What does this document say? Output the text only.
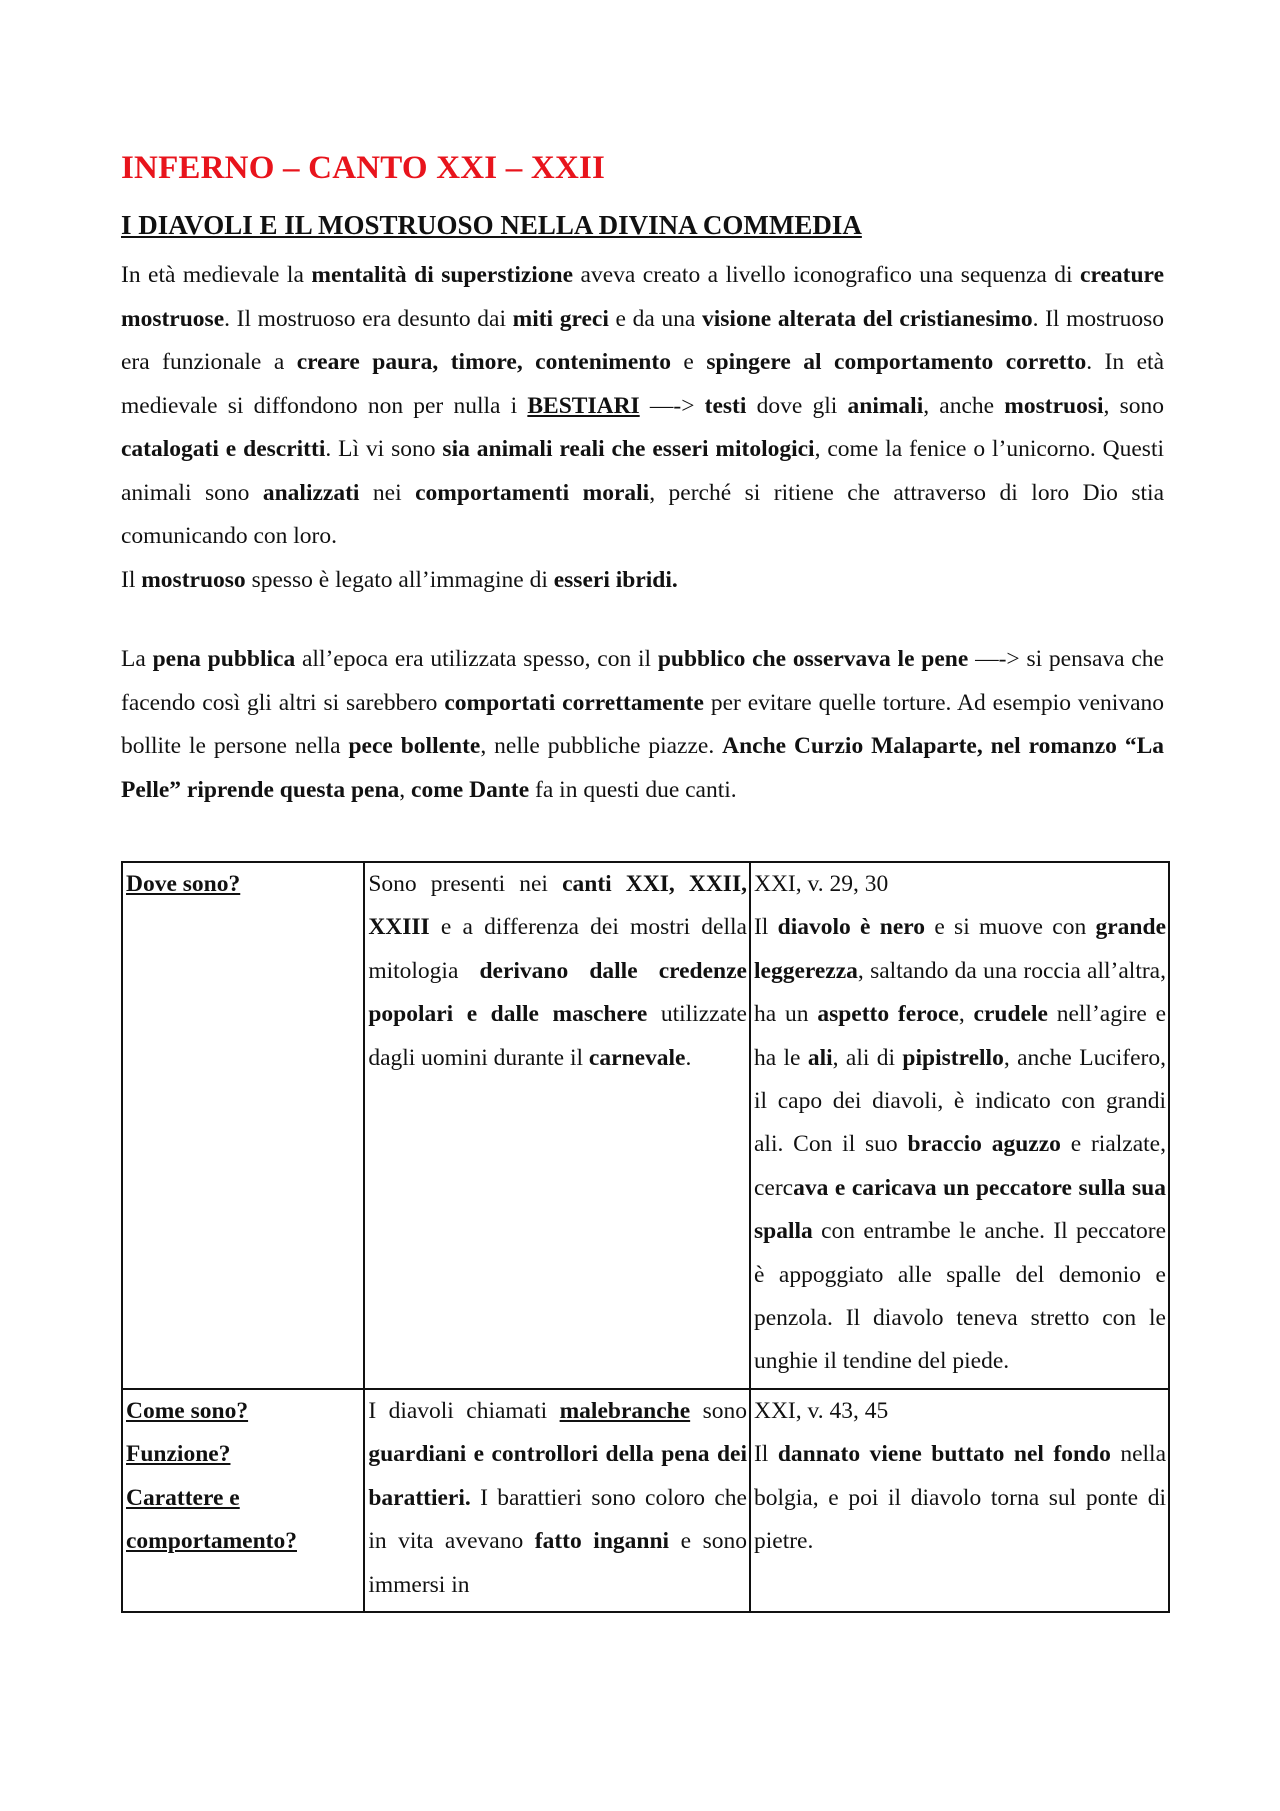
INFERNO – CANTO XXI – XXII
I DIAVOLI E IL MOSTRUOSO NELLA DIVINA COMMEDIA

In età medievale la mentalità di superstizione aveva creato a livello iconografico una sequenza di creature mostruose. Il mostruoso era desunto dai miti greci e da una visione alterata del cristianesimo. Il mostruoso era funzionale a creare paura, timore, contenimento e spingere al comportamento corretto. In età medievale si diffondono non per nulla i BESTIARI —-> testi dove gli animali, anche mostruosi, sono catalogati e descritti. Lì vi sono sia animali reali che esseri mitologici, come la fenice o l’unicorno. Questi animali sono analizzati nei comportamenti morali, perché si ritiene che attraverso di loro Dio stia comunicando con loro.

Il mostruoso spesso è legato all’immagine di esseri ibridi.

La pena pubblica all’epoca era utilizzata spesso, con il pubblico che osservava le pene —-> si pensava che facendo così gli altri si sarebbero comportati correttamente per evitare quelle torture. Ad esempio venivano bollite le persone nella pece bollente, nelle pubbliche piazze. Anche Curzio Malaparte, nel romanzo “La Pelle” riprende questa pena, come Dante fa in questi due canti.

Dove sono?	Sono presenti nei canti XXI, XXII, XXIII e a differenza dei mostri della mitologia derivano dalle credenze popolari e dalle maschere utilizzate dagli uomini durante il carnevale.	XXI, v. 29, 30
Il diavolo è nero e si muove con grande leggerezza, saltando da una roccia all’altra, ha un aspetto feroce, crudele nell’agire e ha le ali, ali di pipistrello, anche Lucifero, il capo dei diavoli, è indicato con grandi ali. Con il suo braccio aguzzo e rialzate, cercava e caricava un peccatore sulla sua spalla con entrambe le anche. Il peccatore è appoggiato alle spalle del demonio e penzola. Il diavolo teneva stretto con le unghie il tendine del piede.

Come sono?
Funzione?
Carattere e
comportamento?	I diavoli chiamati malebranche sono guardiani e controllori della pena dei barattieri. I barattieri sono coloro che in vita avevano fatto inganni e sono immersi in	XXI, v. 43, 45
Il dannato viene buttato nel fondo nella bolgia, e poi il diavolo torna sul ponte di pietre.
